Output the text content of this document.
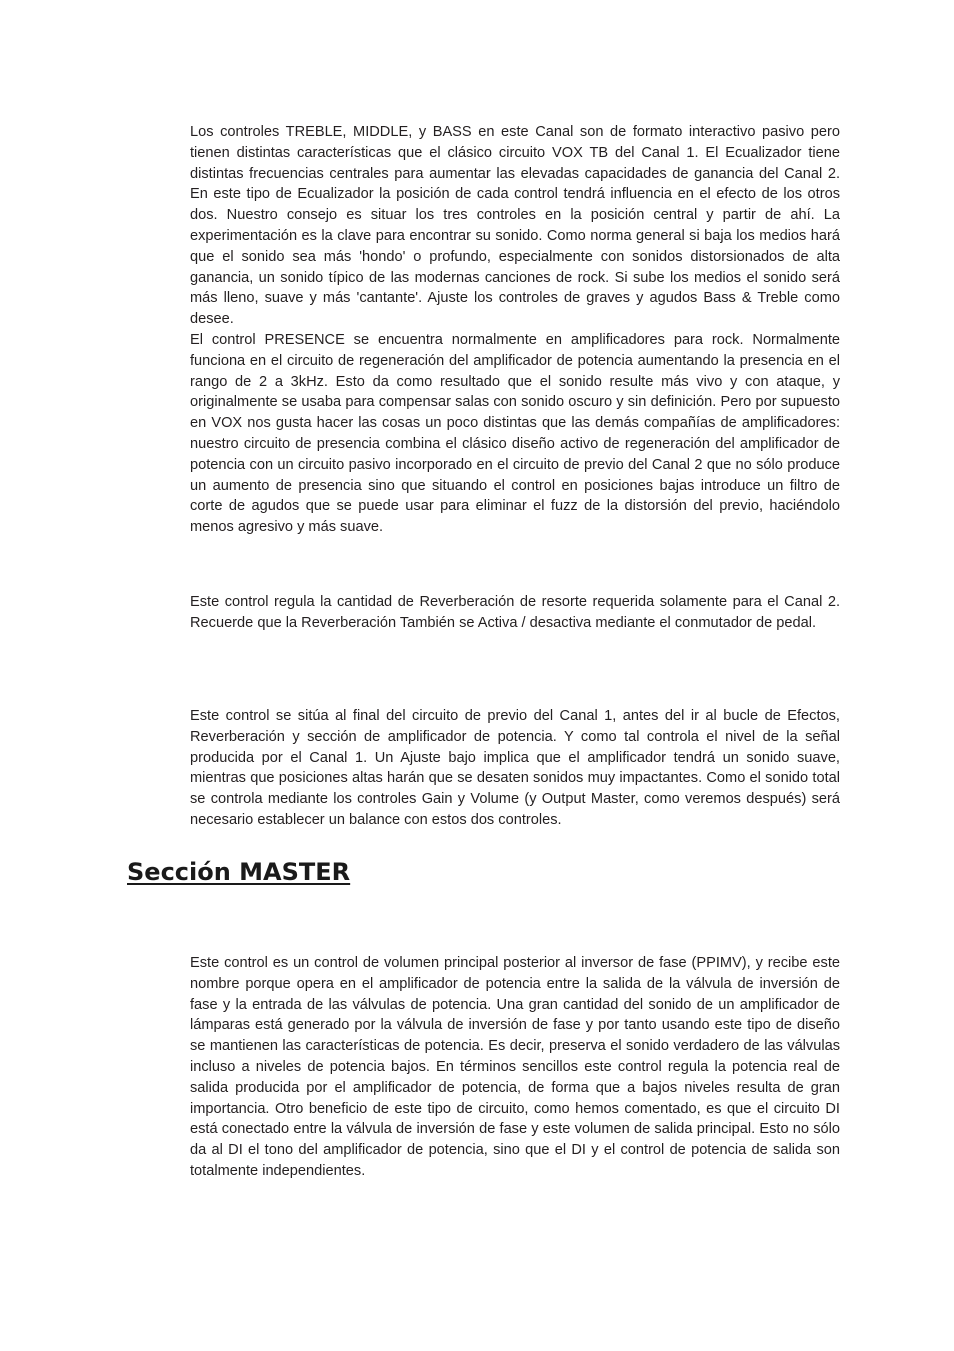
Los controles TREBLE, MIDDLE, y BASS en este Canal son de formato interactivo pasivo pero tienen distintas características que el clásico circuito VOX TB del Canal 1. El Ecualizador tiene distintas frecuencias centrales para aumentar las elevadas capacidades de ganancia del Canal 2. En este tipo de Ecualizador la posición de cada control tendrá influencia en el efecto de los otros dos. Nuestro consejo es situar los tres controles en la posición central y partir de ahí. La experimentación es la clave para encontrar su sonido. Como norma general si baja los medios hará que el sonido sea más 'hondo' o profundo, especialmente con sonidos distorsionados de alta ganancia, un sonido típico de las modernas canciones de rock. Si sube los medios el sonido será más lleno, suave y más 'cantante'. Ajuste los controles de graves y agudos Bass & Treble como desee.

El control PRESENCE se encuentra normalmente en amplificadores para rock. Normalmente funciona en el circuito de regeneración del amplificador de potencia aumentando la presencia en el rango de 2 a 3kHz. Esto da como resultado que el sonido resulte más vivo y con ataque, y originalmente se usaba para compensar salas con sonido oscuro y sin definición. Pero por supuesto en VOX nos gusta hacer las cosas un poco distintas que las demás compañías de amplificadores: nuestro circuito de presencia combina el clásico diseño activo de regeneración del amplificador de potencia con un circuito pasivo incorporado en el circuito de previo del Canal 2 que no sólo produce un aumento de presencia sino que situando el control en posiciones bajas introduce un filtro de corte de agudos que se puede usar para eliminar el fuzz de la distorsión del previo, haciéndolo menos agresivo y más suave.

Este control regula la cantidad de Reverberación de resorte requerida solamente para el Canal 2. Recuerde que la Reverberación También se Activa / desactiva mediante el conmutador de pedal.

Este control se sitúa al final del circuito de previo del Canal 1, antes del ir al bucle de Efectos, Reverberación y sección de amplificador de potencia. Y como tal controla el nivel de la señal producida por el Canal 1. Un Ajuste bajo implica que el amplificador tendrá un sonido suave, mientras que posiciones altas harán que se desaten sonidos muy impactantes. Como el sonido total se controla mediante los controles Gain y Volume (y Output Master, como veremos después) será necesario establecer un balance con estos dos controles.

Sección MASTER

Este control es un control de volumen principal posterior al inversor de fase (PPIMV), y recibe este nombre porque opera en el amplificador de potencia entre la salida de la válvula de inversión de fase y la entrada de las válvulas de potencia. Una gran cantidad del sonido de un amplificador de lámparas está generado por la válvula de inversión de fase y por tanto usando este tipo de diseño se mantienen las características de potencia. Es decir, preserva el sonido verdadero de las válvulas incluso a niveles de potencia bajos. En términos sencillos este control regula la potencia real de salida producida por el amplificador de potencia, de forma que a bajos niveles resulta de gran importancia. Otro beneficio de este tipo de circuito, como hemos comentado, es que el circuito DI está conectado entre la válvula de inversión de fase y este volumen de salida principal. Esto no sólo da al DI el tono del amplificador de potencia, sino que el DI y el control de potencia de salida son totalmente independientes.
